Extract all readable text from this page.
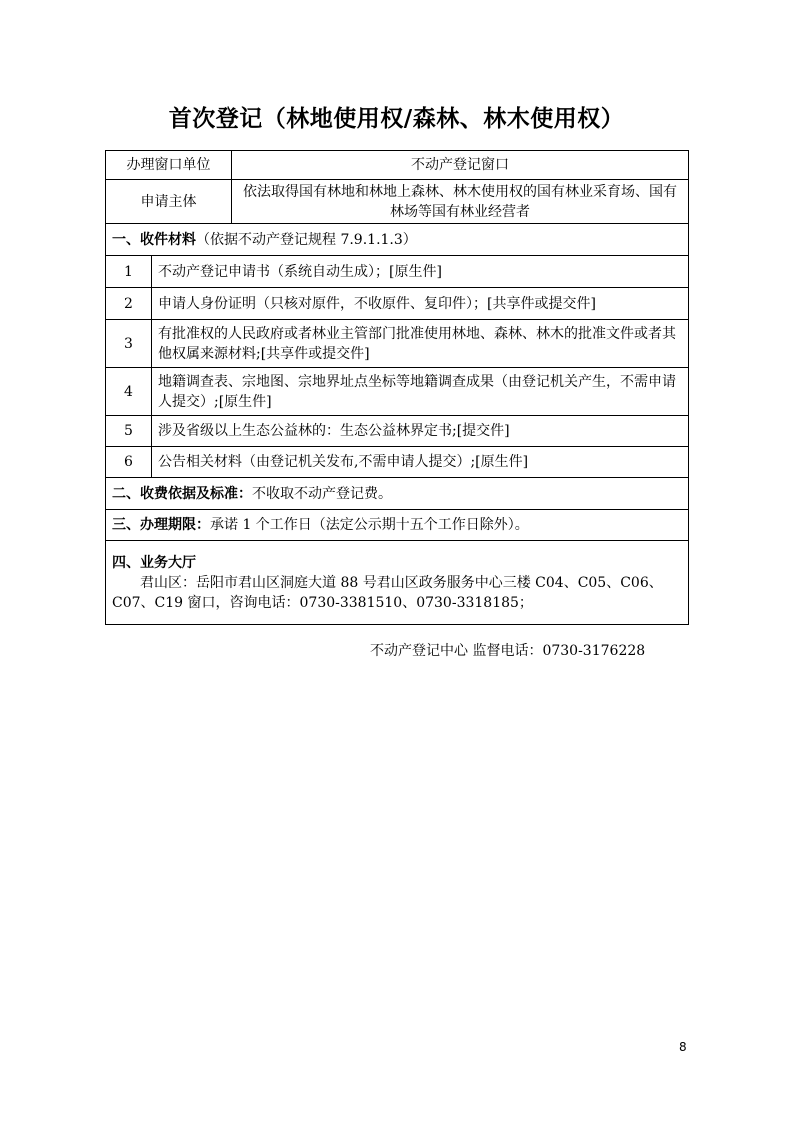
首次登记（林地使用权/森林、林木使用权）
办理窗口单位		不动产登记窗口
申请主体		依法取得国有林地和林地上森林、林木使用权的国有林业采育场、国有林场等国有林业经营者
一、收件材料（依据不动产登记规程 7.9.1.1.3）		
1	不动产登记申请书（系统自动生成）；[原生件]	
2	申请人身份证明（只核对原件，不收原件、复印件）；[共享件或提交件]	
3	有批准权的人民政府或者林业主管部门批准使用林地、森林、林木的批准文件或者其他权属来源材料;[共享件或提交件]	
4	地籍调查表、宗地图、宗地界址点坐标等地籍调查成果（由登记机关产生，不需申请人提交）;[原生件]	
5	涉及省级以上生态公益林的：生态公益林界定书;[提交件]	
6	公告相关材料（由登记机关发布,不需申请人提交）;[原生件]	
二、收费依据及标准：不收取不动产登记费。		
三、办理期限：承诺 1 个工作日（法定公示期十五个工作日除外）。		

四、业务大厅
君山区：岳阳市君山区洞庭大道 88 号君山区政务服务中心三楼 C04、C05、C06、C07、C19 窗口，咨询电话：0730-3381510、0730-3318185；		
不动产登记中心 监督电话：0730-3176228
8
